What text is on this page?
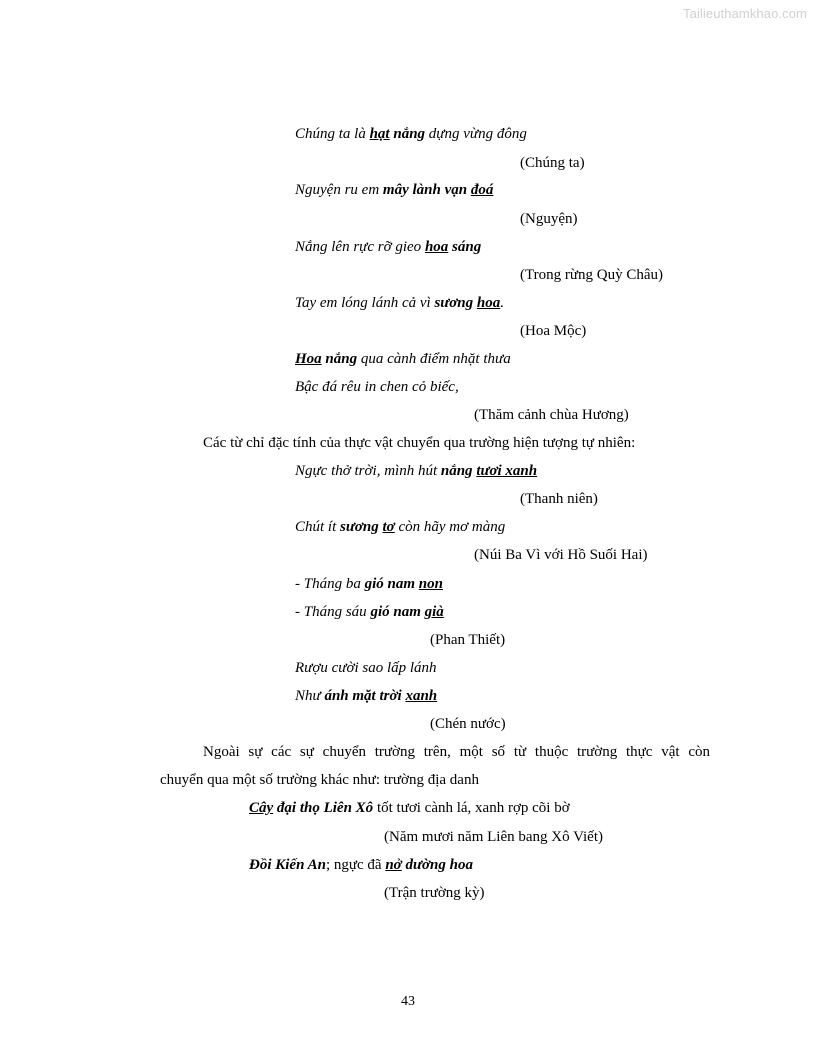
Tailieuthamkhao.com
Chúng ta là hạt nắng dựng vừng đông
(Chúng ta)
Nguyện ru em mây lành vạn đoá
(Nguyện)
Nắng lên rực rỡ gieo hoa sáng
(Trong rừng Quỳ Châu)
Tay em lóng lánh cả vì sương hoa.
(Hoa Mộc)
Hoa nắng qua cành điểm nhặt thưa
Bậc đá rêu in chen cỏ biếc,
(Thăm cảnh chùa Hương)
Các từ chỉ đặc tính của thực vật chuyển qua trường hiện tượng tự nhiên:
Ngực thở trời, mình hút nắng tươi xanh
(Thanh niên)
Chút ít sương tơ còn hãy mơ màng
(Núi Ba Vì với Hồ Suối Hai)
- Tháng ba gió nam non
- Tháng sáu gió nam già
(Phan Thiết)
Rượu cười sao lấp lánh
Như ánh mặt trời xanh
(Chén nước)
Ngoài sự các sự chuyển trường trên, một số từ thuộc trường thực vật còn
chuyển qua một số trường khác như: trường địa danh
Cây đại thọ Liên Xô tốt tươi cành lá, xanh rợp cõi bờ
(Năm mươi năm Liên bang Xô Viết)
Đồi Kiến An; ngực đã nở dường hoa
(Trận trường kỳ)
43
